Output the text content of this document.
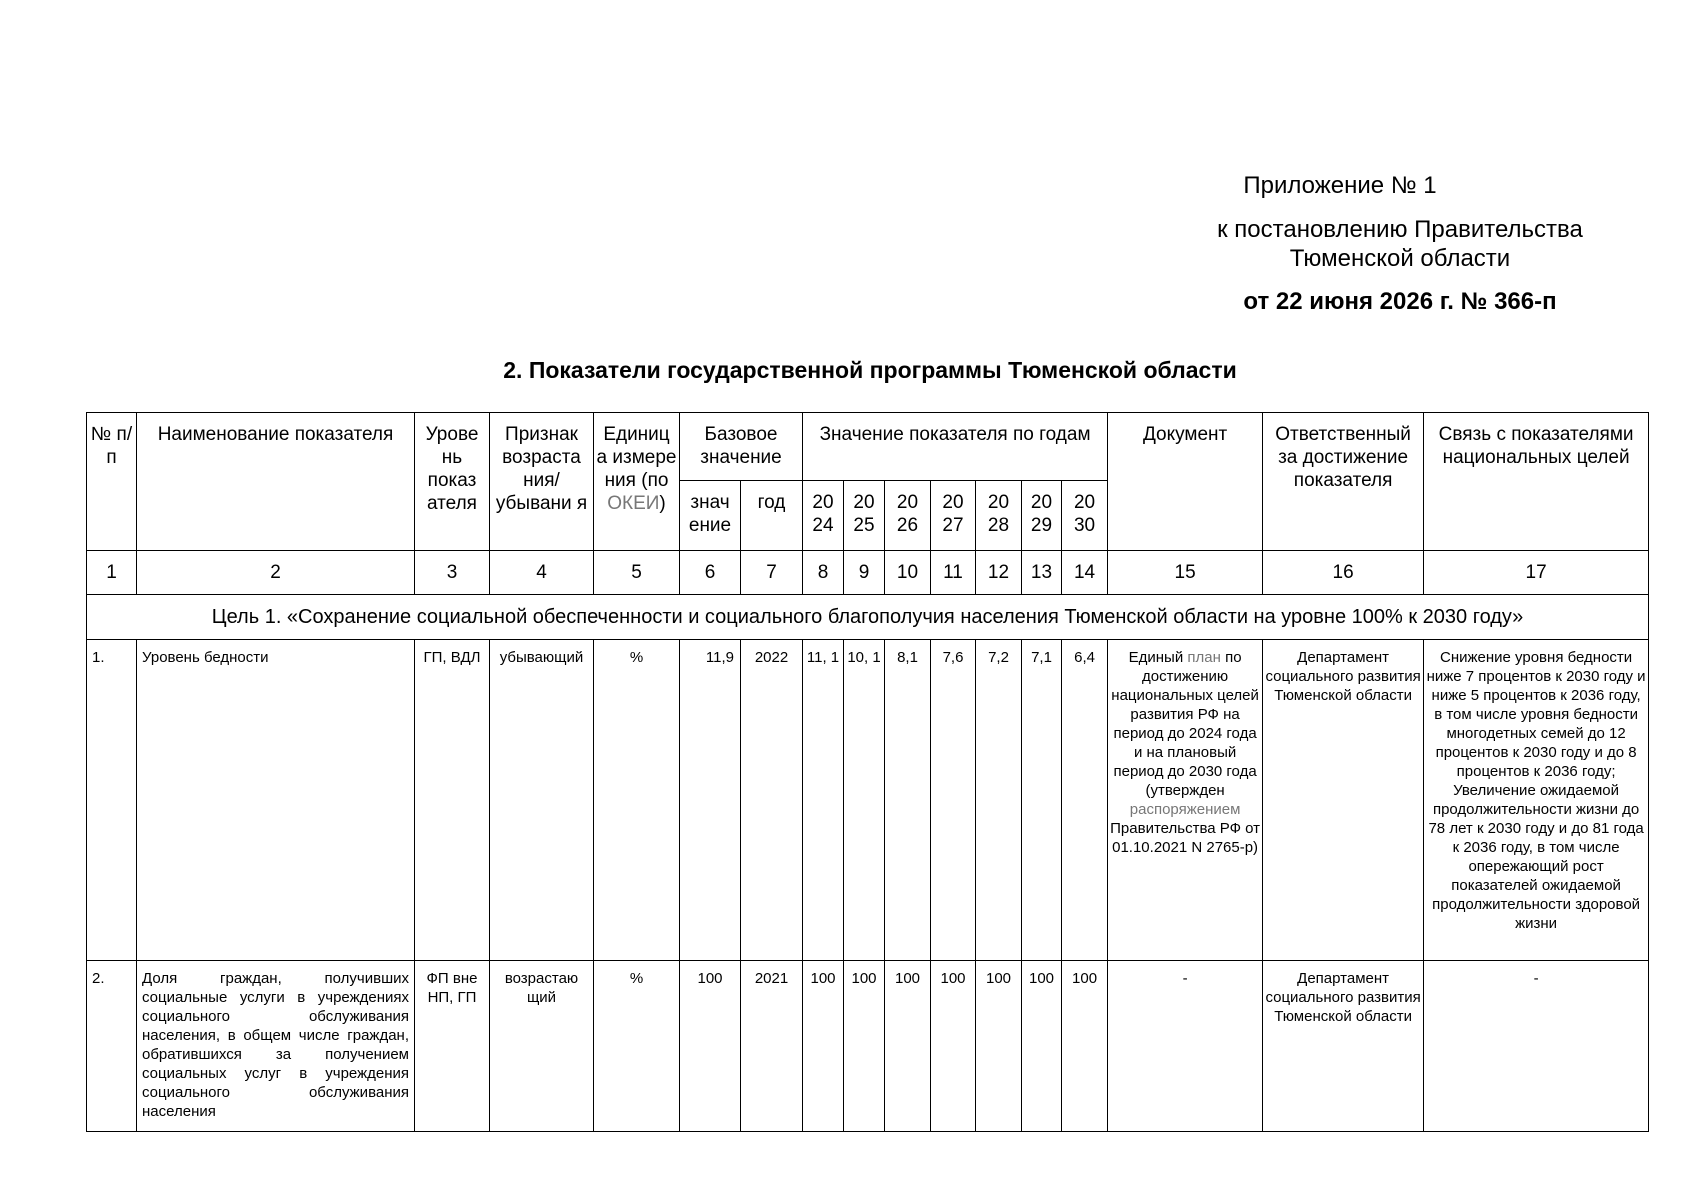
Приложение № 1
к постановлению Правительства
Тюменской области
от 22 июня 2026 г. № 366-п
2. Показатели государственной программы Тюменской области
№ п/п	Наименование показателя	Урове нь показ ателя	Признак возраста ния/ убывани я	Единиц а измере ния (по ОКЕИ)	Базовое значение		Значение показателя по годам							Документ	Ответственный за достижение показателя	Связь с показателями национальных целей
					знач ение	год	20 24	20 25	20 26	20 27	20 28	20 29	20 30			
1	2	3	4	5	6	7	8	9	10	11	12	13	14	15	16	17
Цель 1. «Сохранение социальной обеспеченности и социального благополучия населения Тюменской области на уровне 100% к 2030 году»																
1.	Уровень бедности	ГП, ВДЛ	убывающий	%	11,9	2022	11, 1	10, 1	8,1	7,6	7,2	7,1	6,4	Единый план по достижению национальных целей развития РФ на период до 2024 года и на плановый период до 2030 года (утвержден распоряжением Правительства РФ от 01.10.2021 N 2765-р)	Департамент социального развития Тюменской области	Снижение уровня бедности ниже 7 процентов к 2030 году и ниже 5 процентов к 2036 году, в том числе уровня бедности многодетных семей до 12 процентов к 2030 году и до 8 процентов к 2036 году; Увеличение ожидаемой продолжительности жизни до 78 лет к 2030 году и до 81 года к 2036 году, в том числе опережающий рост показателей ожидаемой продолжительности здоровой жизни
2.	Доля граждан, получивших социальные услуги в учреждениях социального обслуживания населения, в общем числе граждан, обратившихся за получением социальных услуг в учреждения социального обслуживания населения	ФП вне НП, ГП	возрастаю щий	%	100	2021	100	100	100	100	100	100	100	-	Департамент социального развития Тюменской области	-
